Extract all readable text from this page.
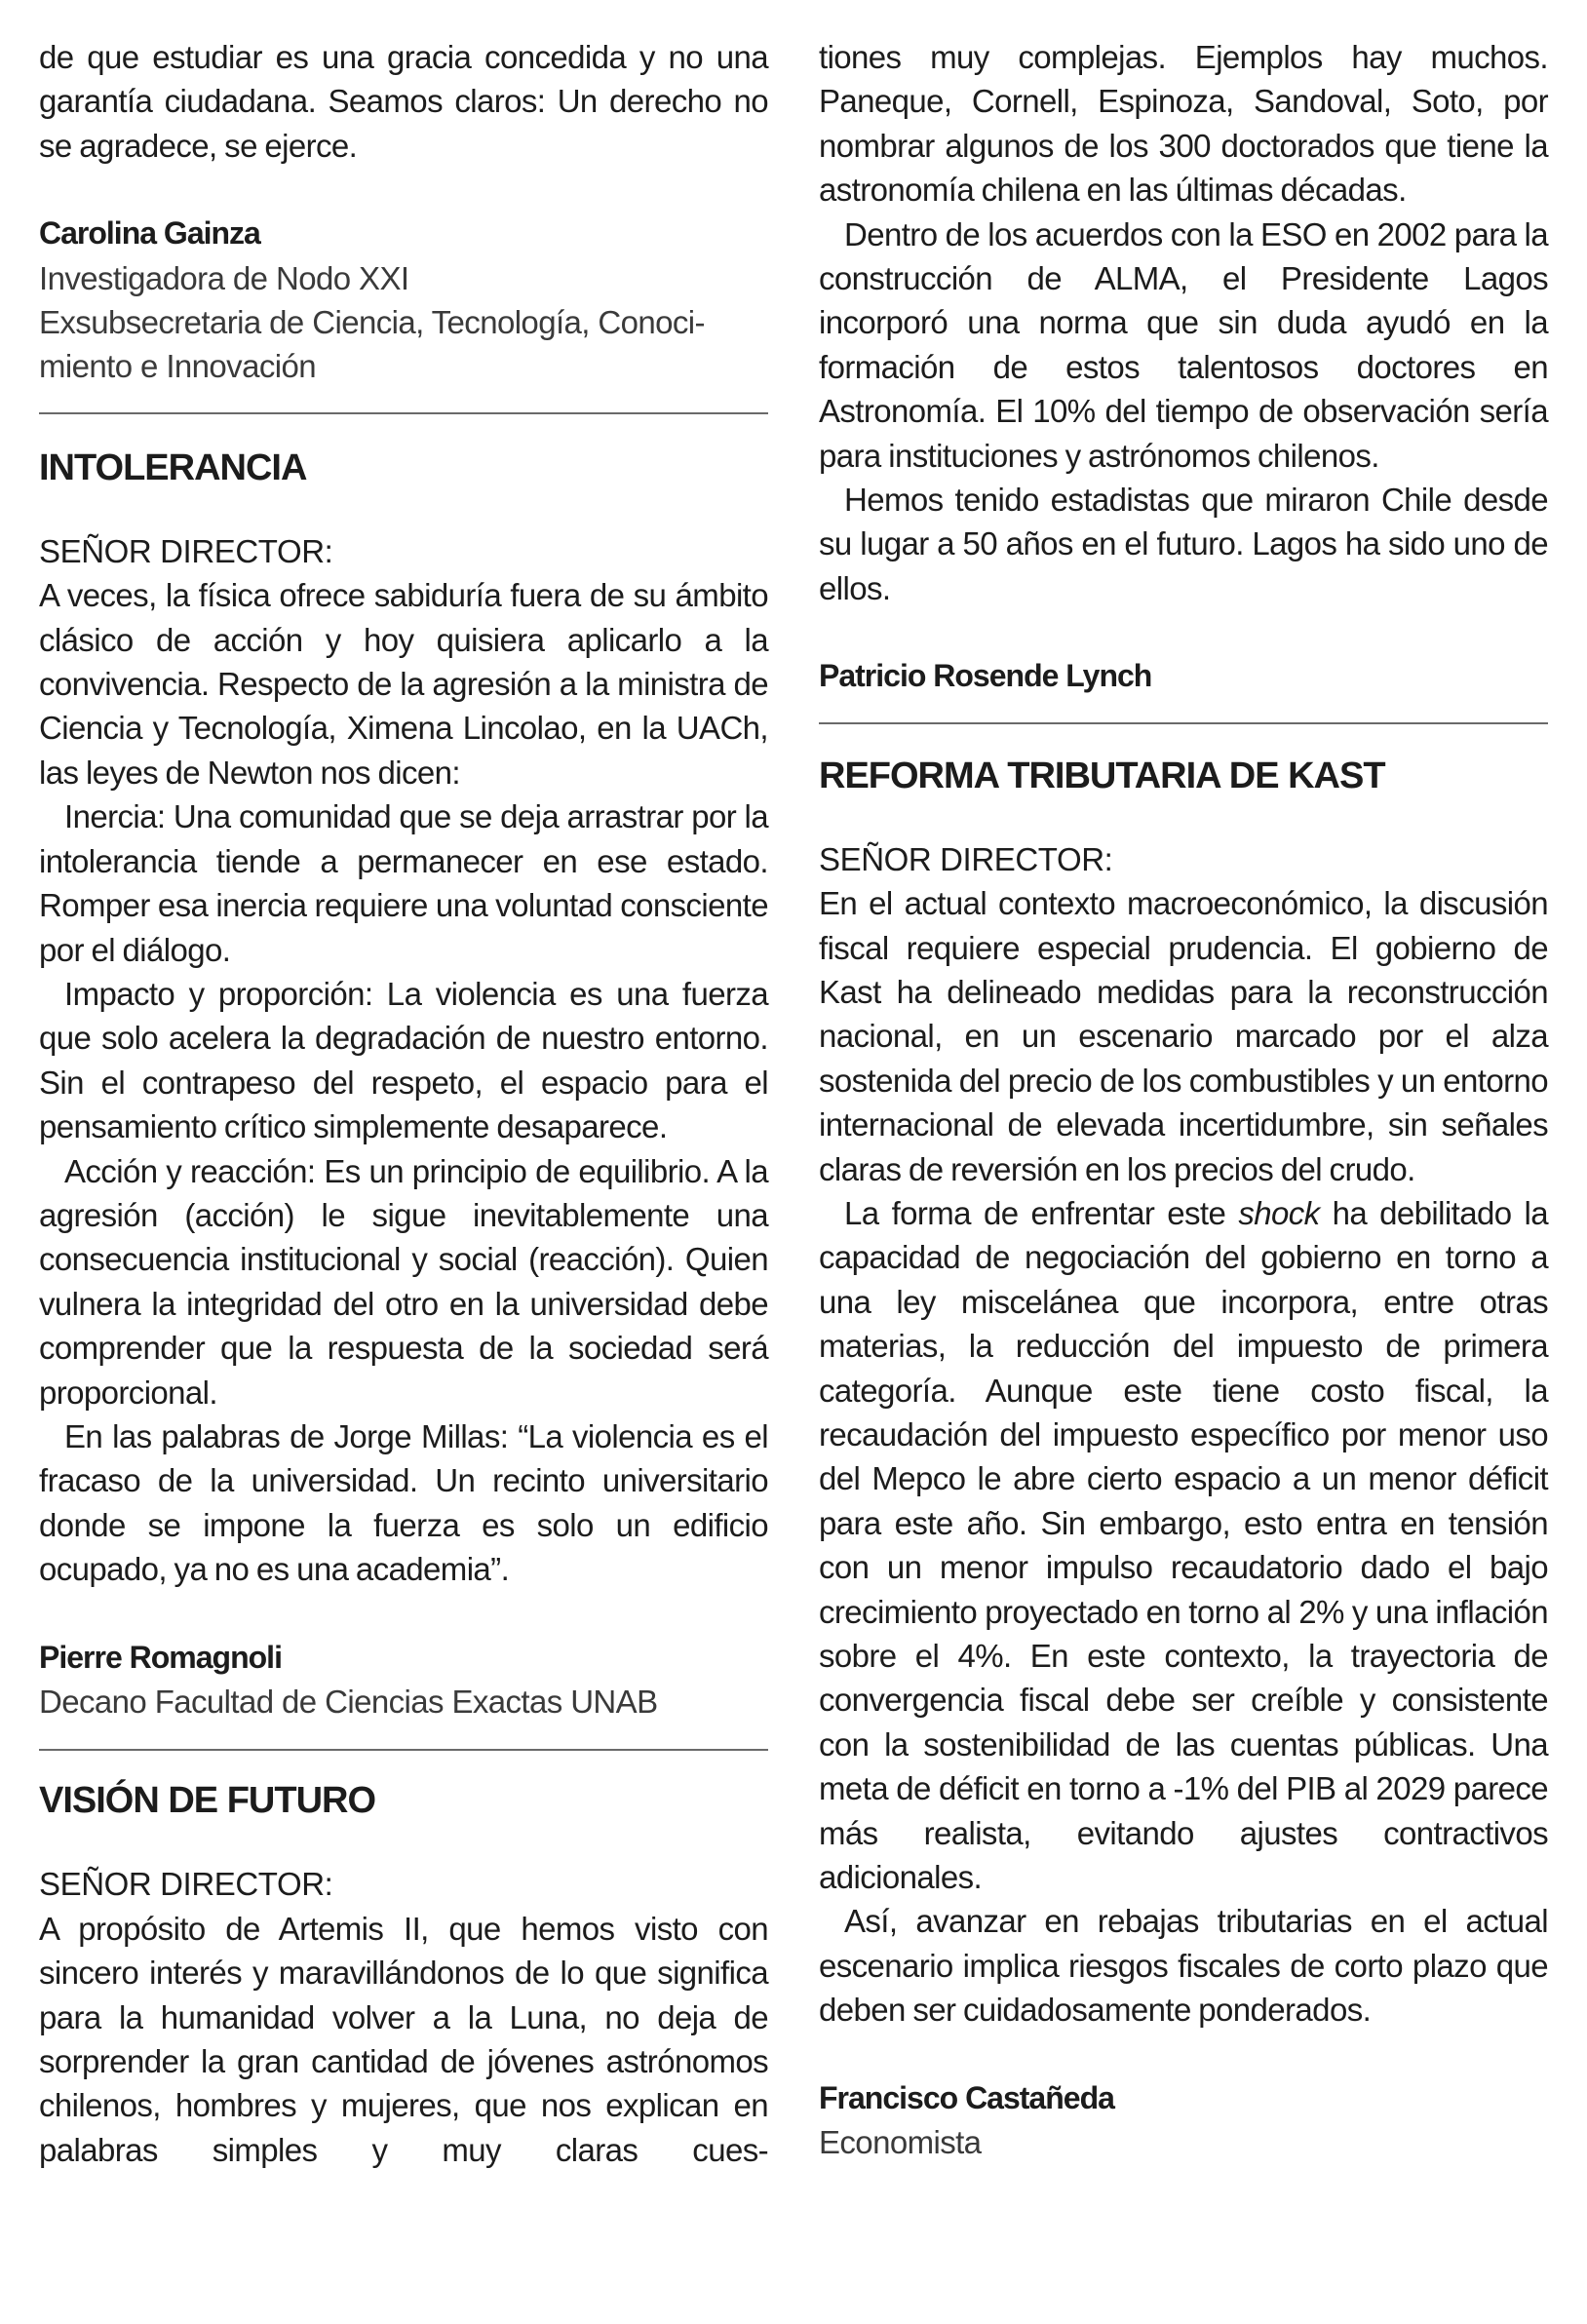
de que estudiar es una gracia concedida y no una garantía ciudadana. Seamos claros: Un derecho no se agradece, se ejerce.

Carolina Gainza

Investigadora de Nodo XXI

Exsubsecretaria de Ciencia, Tecnología, Conoci-

miento e Innovación

INTOLERANCIA

SEÑOR DIRECTOR:

A veces, la física ofrece sabiduría fuera de su ámbito clásico de acción y hoy quisiera aplicarlo a la convivencia. Respecto de la agresión a la ministra de Ciencia y Tecnología, Ximena Lincolao, en la UACh, las leyes de Newton nos dicen:

Inercia: Una comunidad que se deja arrastrar por la intolerancia tiende a permanecer en ese estado. Romper esa inercia requiere una voluntad consciente por el diálogo.

Impacto y proporción: La violencia es una fuerza que solo acelera la degradación de nuestro entorno. Sin el contrapeso del respeto, el espacio para el pensamiento crítico simplemente desaparece.

Acción y reacción: Es un principio de equilibrio. A la agresión (acción) le sigue inevitablemente una consecuencia institucional y social (reacción). Quien vulnera la integridad del otro en la universidad debe comprender que la respuesta de la sociedad será proporcional.

En las palabras de Jorge Millas: “La violencia es el fracaso de la universidad. Un recinto universitario donde se impone la fuerza es solo un edificio ocupado, ya no es una academia”.

Pierre Romagnoli

Decano Facultad de Ciencias Exactas UNAB

VISIÓN DE FUTURO

SEÑOR DIRECTOR:

A propósito de Artemis II, que hemos visto con sincero interés y maravillándonos de lo que significa para la humanidad volver a la Luna, no deja de sorprender la gran cantidad de jóvenes astrónomos chilenos, hombres y mujeres, que nos explican en palabras simples y muy claras cues-

tiones muy complejas. Ejemplos hay muchos. Paneque, Cornell, Espinoza, Sandoval, Soto, por nombrar algunos de los 300 doctorados que tiene la astronomía chilena en las últimas décadas.

Dentro de los acuerdos con la ESO en 2002 para la construcción de ALMA, el Presidente Lagos incorporó una norma que sin duda ayudó en la formación de estos talentosos doctores en Astronomía. El 10% del tiempo de observación sería para instituciones y astrónomos chilenos.

Hemos tenido estadistas que miraron Chile desde su lugar a 50 años en el futuro. Lagos ha sido uno de ellos.

Patricio Rosende Lynch

REFORMA TRIBUTARIA DE KAST

SEÑOR DIRECTOR:

En el actual contexto macroeconómico, la discusión fiscal requiere especial prudencia. El gobierno de Kast ha delineado medidas para la reconstrucción nacional, en un escenario marcado por el alza sostenida del precio de los combustibles y un entorno internacional de elevada incertidumbre, sin señales claras de reversión en los precios del crudo.

La forma de enfrentar este shock ha debilitado la capacidad de negociación del gobierno en torno a una ley miscelánea que incorpora, entre otras materias, la reducción del impuesto de primera categoría. Aunque este tiene costo fiscal, la recaudación del impuesto específico por menor uso del Mepco le abre cierto espacio a un menor déficit para este año. Sin embargo, esto entra en tensión con un menor impulso recaudatorio dado el bajo crecimiento proyectado en torno al 2% y una inflación sobre el 4%. En este contexto, la trayectoria de convergencia fiscal debe ser creíble y consistente con la sostenibilidad de las cuentas públicas. Una meta de déficit en torno a -1% del PIB al 2029 parece más realista, evitando ajustes contractivos adicionales.

Así, avanzar en rebajas tributarias en el actual escenario implica riesgos fiscales de corto plazo que deben ser cuidadosamente ponderados.

Francisco Castañeda

Economista
